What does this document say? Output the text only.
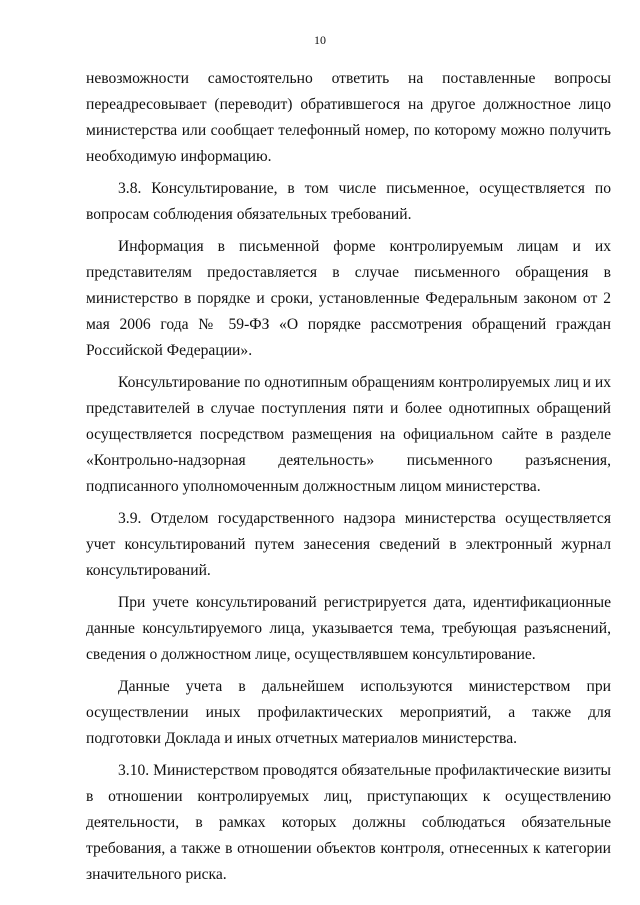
10

невозможности самостоятельно ответить на поставленные вопросы переадресовывает (переводит) обратившегося на другое должностное лицо министерства или сообщает телефонный номер, по которому можно получить необходимую информацию.

3.8. Консультирование, в том числе письменное, осуществляется по вопросам соблюдения обязательных требований.

Информация в письменной форме контролируемым лицам и их представителям предоставляется в случае письменного обращения в министерство в порядке и сроки, установленные Федеральным законом от 2 мая 2006 года № 59-ФЗ «О порядке рассмотрения обращений граждан Российской Федерации».

Консультирование по однотипным обращениям контролируемых лиц и их представителей в случае поступления пяти и более однотипных обращений осуществляется посредством размещения на официальном сайте в разделе «Контрольно-надзорная деятельность» письменного разъяснения, подписанного уполномоченным должностным лицом министерства.

3.9. Отделом государственного надзора министерства осуществляется учет консультирований путем занесения сведений в электронный журнал консультирований.

При учете консультирований регистрируется дата, идентификационные данные консультируемого лица, указывается тема, требующая разъяснений, сведения о должностном лице, осуществлявшем консультирование.

Данные учета в дальнейшем используются министерством при осуществлении иных профилактических мероприятий, а также для подготовки Доклада и иных отчетных материалов министерства.

3.10. Министерством проводятся обязательные профилактические визиты в отношении контролируемых лиц, приступающих к осуществлению деятельности, в рамках которых должны соблюдаться обязательные требования, а также в отношении объектов контроля, отнесенных к категории значительного риска.
